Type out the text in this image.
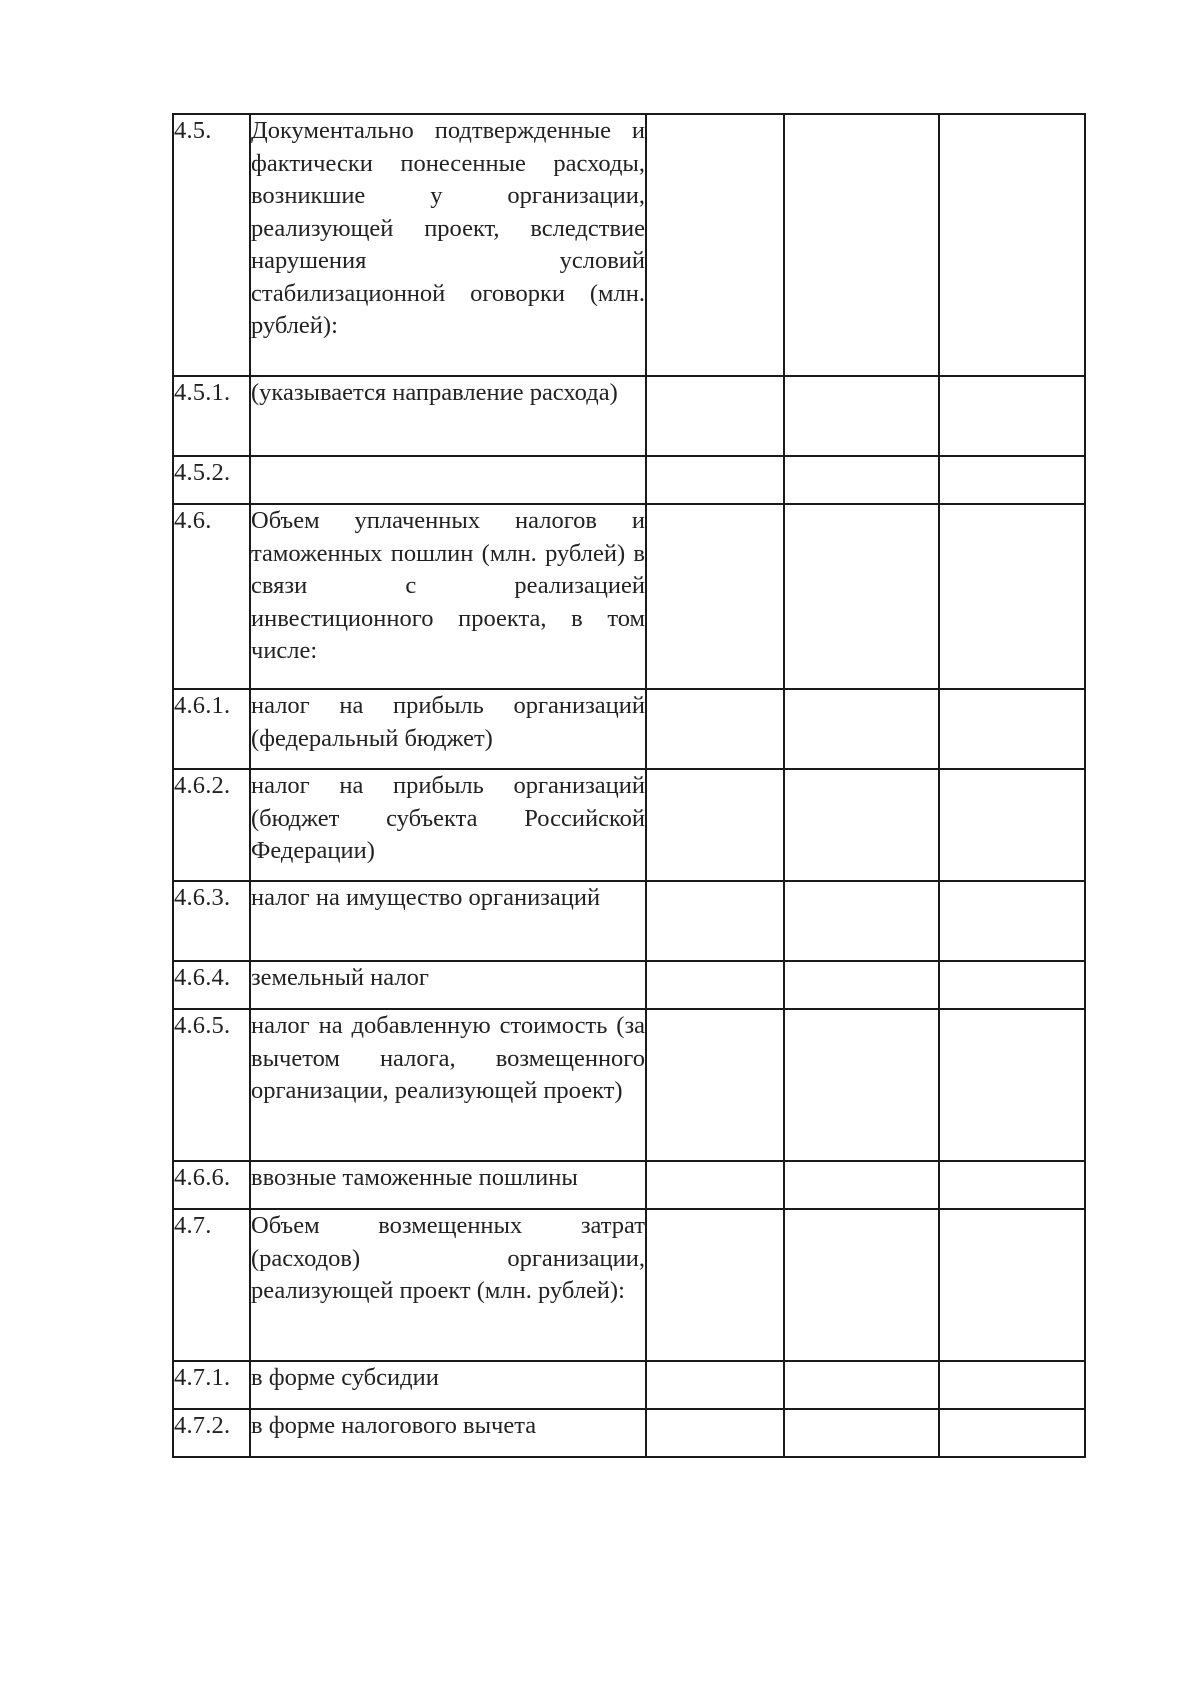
4.5.	Документально подтвержденные и фактически понесенные расходы, возникшие у организации, реализующей проект, вследствие нарушения условий стабилизационной оговорки (млн. рублей):			
4.5.1.	(указывается направление расхода)			
4.5.2.				
4.6.	Объем уплаченных налогов и таможенных пошлин (млн. рублей) в связи с реализацией инвестиционного проекта, в том числе:			
4.6.1.	налог на прибыль организаций (федеральный бюджет)			
4.6.2.	налог на прибыль организаций (бюджет субъекта Российской Федерации)			
4.6.3.	налог на имущество организаций			
4.6.4.	земельный налог			
4.6.5.	налог на добавленную стоимость (за вычетом налога, возмещенного организации, реализующей проект)			
4.6.6.	ввозные таможенные пошлины			
4.7.	Объем возмещенных затрат (расходов) организации, реализующей проект (млн. рублей):			
4.7.1.	в форме субсидии			
4.7.2.	в форме налогового вычета			
